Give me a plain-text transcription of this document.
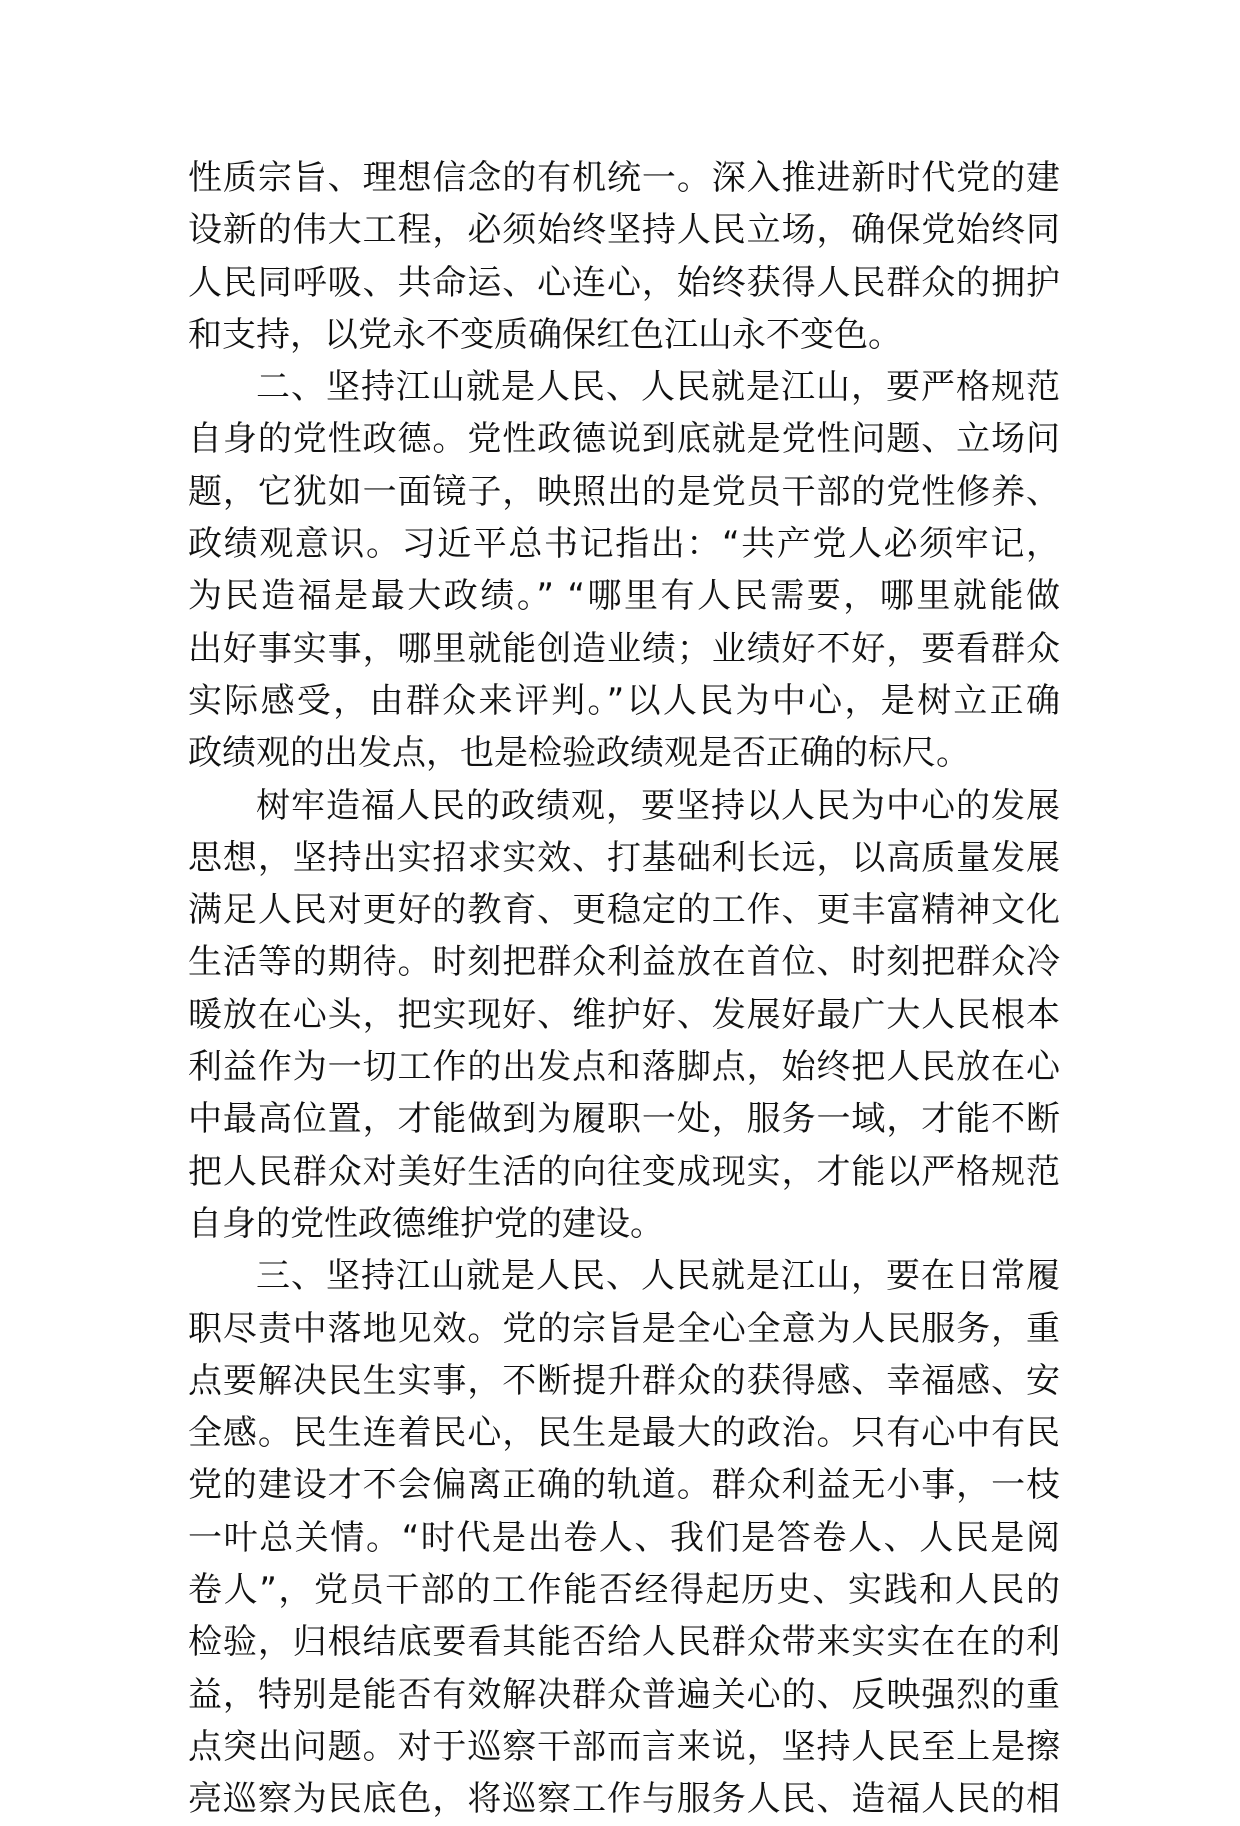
性质宗旨、理想信念的有机统一。深入推进新时代党的建
设新的伟大工程，必须始终坚持人民立场，确保党始终同
人民同呼吸、共命运、心连心，始终获得人民群众的拥护
和支持，以党永不变质确保红色江山永不变色。
二、坚持江山就是人民、人民就是江山，要严格规范
自身的党性政德。党性政德说到底就是党性问题、立场问
题，它犹如一面镜子，映照出的是党员干部的党性修养、
政绩观意识。习近平总书记指出：“共产党人必须牢记，
为民造福是最大政绩。” “哪里有人民需要，哪里就能做
出好事实事，哪里就能创造业绩；业绩好不好，要看群众
实际感受，由群众来评判。”以人民为中心，是树立正确
政绩观的出发点，也是检验政绩观是否正确的标尺。
树牢造福人民的政绩观，要坚持以人民为中心的发展
思想，坚持出实招求实效、打基础利长远，以高质量发展
满足人民对更好的教育、更稳定的工作、更丰富精神文化
生活等的期待。时刻把群众利益放在首位、时刻把群众冷
暖放在心头，把实现好、维护好、发展好最广大人民根本
利益作为一切工作的出发点和落脚点，始终把人民放在心
中最高位置，才能做到为履职一处，服务一域，才能不断
把人民群众对美好生活的向往变成现实，才能以严格规范
自身的党性政德维护党的建设。
三、坚持江山就是人民、人民就是江山，要在日常履
职尽责中落地见效。党的宗旨是全心全意为人民服务，重
点要解决民生实事，不断提升群众的获得感、幸福感、安
全感。民生连着民心，民生是最大的政治。只有心中有民
党的建设才不会偏离正确的轨道。群众利益无小事，一枝
一叶总关情。“时代是出卷人、我们是答卷人、人民是阅
卷人”，党员干部的工作能否经得起历史、实践和人民的
检验，归根结底要看其能否给人民群众带来实实在在的利
益，特别是能否有效解决群众普遍关心的、反映强烈的重
点突出问题。对于巡察干部而言来说，坚持人民至上是擦
亮巡察为民底色，将巡察工作与服务人民、造福人民的相
